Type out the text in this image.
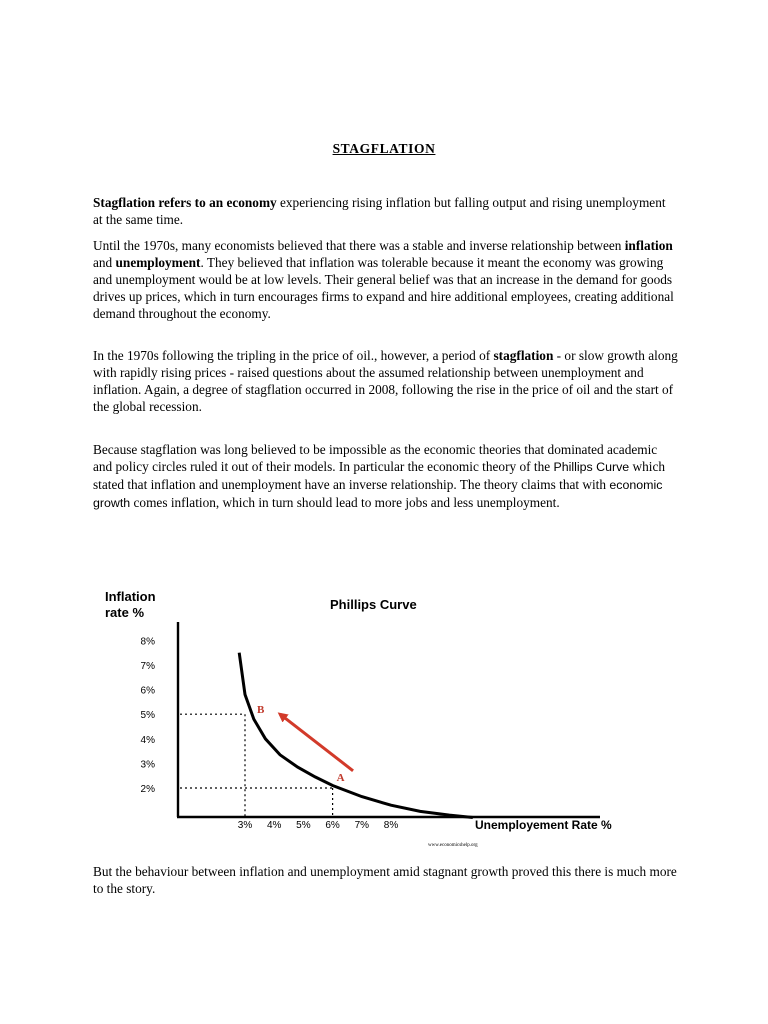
STAGFLATION

Stagflation refers to an economy experiencing rising inflation but falling output and rising unemployment at the same time.

Until the 1970s, many economists believed that there was a stable and inverse relationship between inflation and unemployment. They believed that inflation was tolerable because it meant the economy was growing and unemployment would be at low levels. Their general belief was that an increase in the demand for goods drives up prices, which in turn encourages firms to expand and hire additional employees, creating additional demand throughout the economy.

In the 1970s following the tripling in the price of oil., however, a period of stagflation - or slow growth along with rapidly rising prices - raised questions about the assumed relationship between unemployment and inflation. Again, a degree of stagflation occurred in 2008, following the rise in the price of oil and the start of the global recession.

Because stagflation was long believed to be impossible as the economic theories that dominated academic and policy circles ruled it out of their models. In particular the economic theory of the Phillips Curve which stated that inflation and unemployment have an inverse relationship. The theory claims that with economic growth comes inflation, which in turn should lead to more jobs and less unemployment.

Inflation
rate %
Phillips Curve
B
A
8%
7%
6%
5%
4%
3%
2%
3% 4% 5% 6% 7% 8%	Unemployement Rate %
www.economicshelp.org

But the behaviour between inflation and unemployment amid stagnant growth proved this there is much more to the story.
